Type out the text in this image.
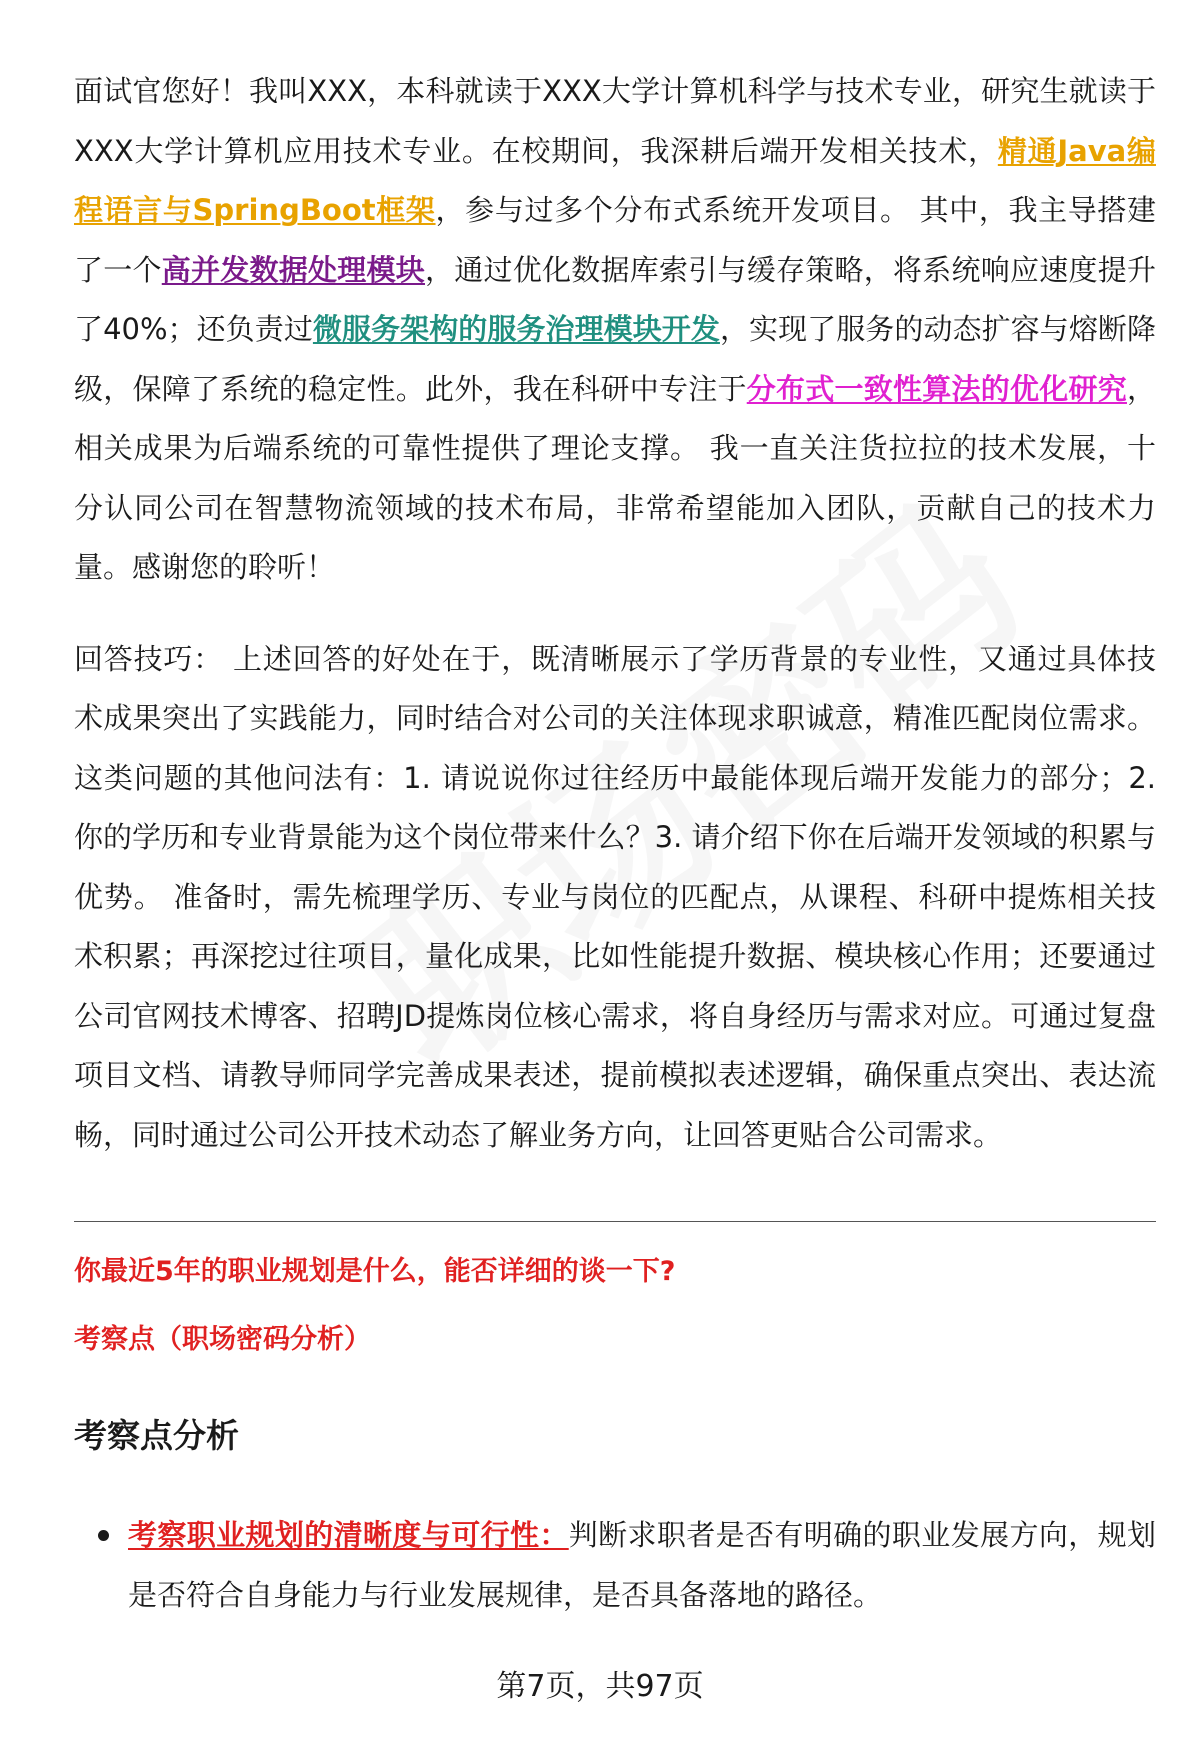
面试官您好！我叫XXX，本科就读于XXX大学计算机科学与技术专业，研究生就读于XXX大学计算机应用技术专业。在校期间，我深耕后端开发相关技术，精通Java编程语言与SpringBoot框架，参与过多个分布式系统开发项目。 其中，我主导搭建了一个高并发数据处理模块，通过优化数据库索引与缓存策略，将系统响应速度提升了40%；还负责过微服务架构的服务治理模块开发，实现了服务的动态扩容与熔断降级，保障了系统的稳定性。此外，我在科研中专注于分布式一致性算法的优化研究，相关成果为后端系统的可靠性提供了理论支撑。 我一直关注货拉拉的技术发展，十分认同公司在智慧物流领域的技术布局，非常希望能加入团队，贡献自己的技术力量。感谢您的聆听！

回答技巧： 上述回答的好处在于，既清晰展示了学历背景的专业性，又通过具体技术成果突出了实践能力，同时结合对公司的关注体现求职诚意，精准匹配岗位需求。这类问题的其他问法有：1. 请说说你过往经历中最能体现后端开发能力的部分；2. 你的学历和专业背景能为这个岗位带来什么？3. 请介绍下你在后端开发领域的积累与优势。 准备时，需先梳理学历、专业与岗位的匹配点，从课程、科研中提炼相关技术积累；再深挖过往项目，量化成果，比如性能提升数据、模块核心作用；还要通过公司官网技术博客、招聘JD提炼岗位核心需求，将自身经历与需求对应。可通过复盘项目文档、请教导师同学完善成果表述，提前模拟表述逻辑，确保重点突出、表达流畅，同时通过公司公开技术动态了解业务方向，让回答更贴合公司需求。

你最近5年的职业规划是什么，能否详细的谈一下?

考察点（职场密码分析）

考察点分析
考察职业规划的清晰度与可行性：判断求职者是否有明确的职业发展方向，规划是否符合自身能力与行业发展规律，是否具备落地的路径。
第7页，共97页
